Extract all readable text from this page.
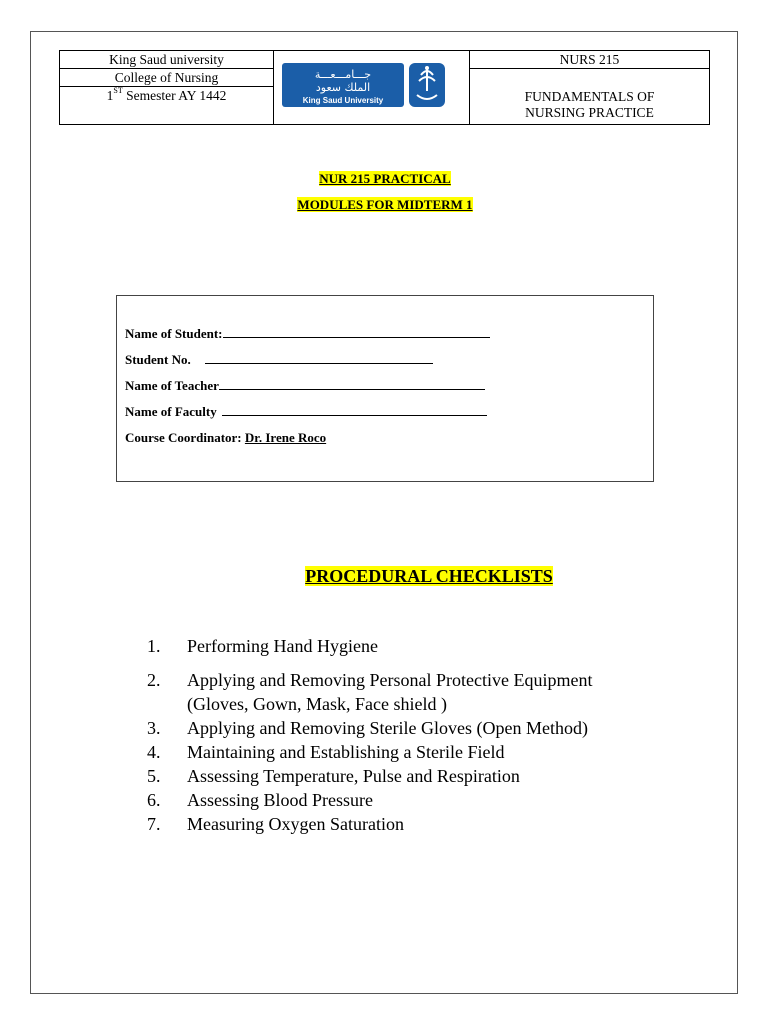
King Saud university
College of Nursing
1ST Semester AY 1442
جـــامـــعـــة
الملك سعود
King Saud University
NURS 215
FUNDAMENTALS OF
NURSING PRACTICE
NUR 215 PRACTICAL
MODULES FOR MIDTERM 1
Name of Student:
Student No.
Name of Teacher
Name of Faculty
Course Coordinator: Dr. Irene Roco
PROCEDURAL CHECKLISTS
1. Performing Hand Hygiene
2. Applying and Removing Personal Protective Equipment
(Gloves, Gown, Mask, Face shield )
3. Applying and Removing Sterile Gloves (Open Method)
4. Maintaining and Establishing a Sterile Field
5. Assessing Temperature, Pulse and Respiration
6. Assessing Blood Pressure
7. Measuring Oxygen Saturation
